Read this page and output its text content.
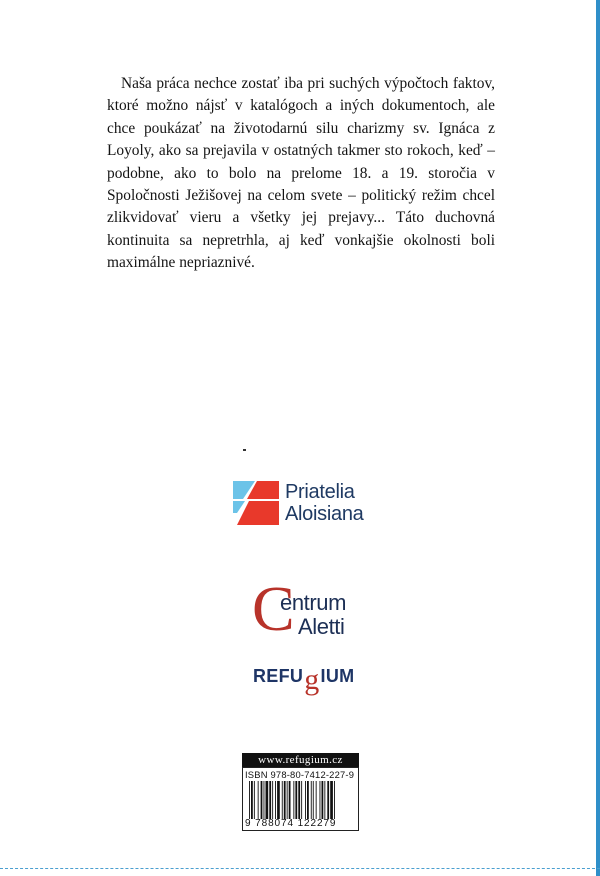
Naša práca nechce zostať iba pri suchých výpočtoch faktov, ktoré možno nájsť v katalógoch a iných dokumentoch, ale chce poukázať na životodarnú silu charizmy sv. Ignáca z Loyoly, ako sa prejavila v ostatných takmer sto rokoch, keď – podobne, ako to bolo na prelome 18. a 19. storočia v Spoločnosti Ježišovej na celom svete – politický režim chcel zlikvidovať vieru a všetky jej prejavy... Táto duchovná kontinuita sa nepretrhla, aj keď vonkajšie okolnosti boli maximálne nepriaznivé.

Priatelia
Aloisiana
C
entrum
Aletti
REFU g IUM
www.refugium.cz
ISBN 978-80-7412-227-9
9 788074 122279
